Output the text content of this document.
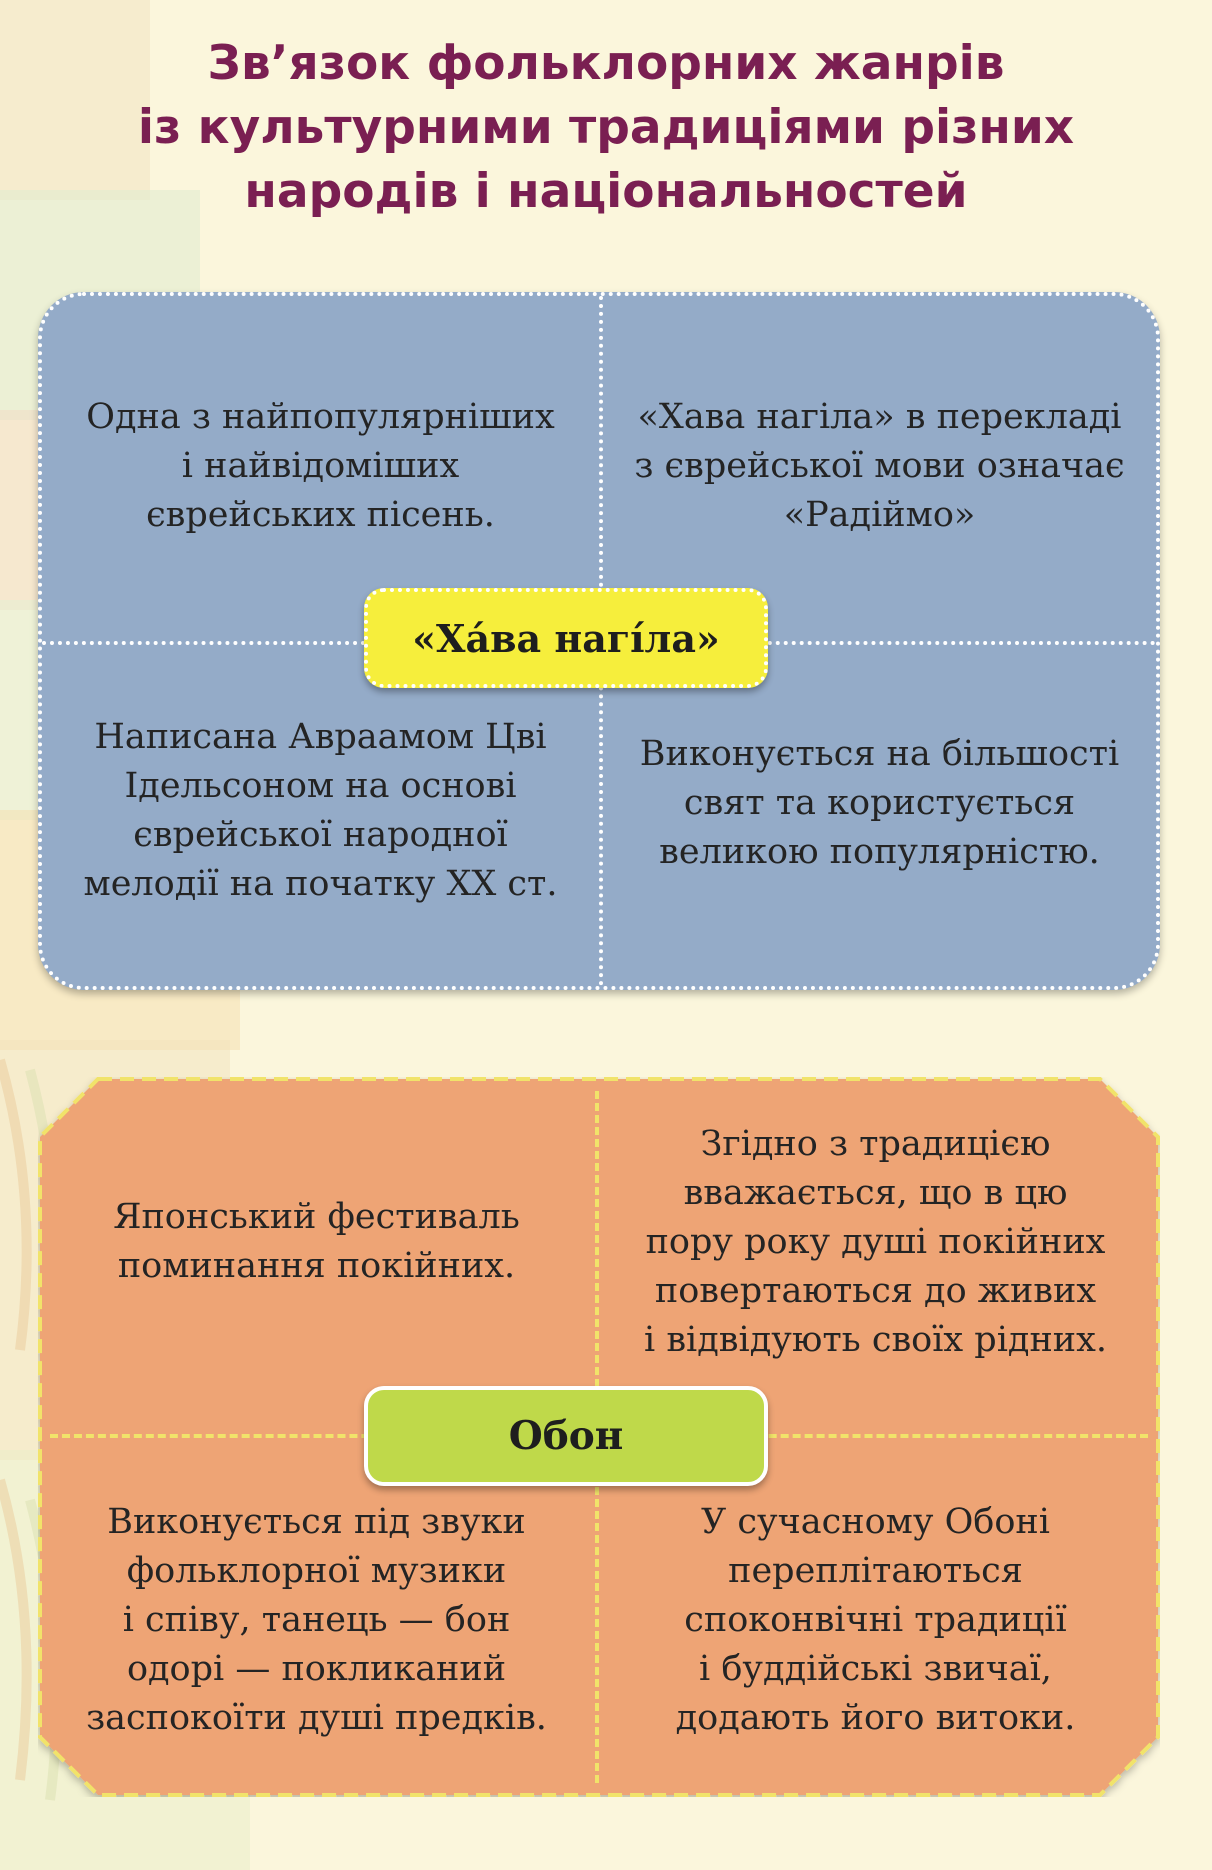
Зв’язок фольклорних жанрів
із культурними традиціями різних
народів і національностей
Одна з найпопулярніших
і найвідоміших
єврейських пісень.
«Хава нагіла» в перекладі
з єврейської мови означає
«Радіймо»
Написана Авраамом Цві
Ідельсоном на основі
єврейської народної
мелодії на початку XX ст.
Виконується на більшості
свят та користується
великою популярністю.
«Хáва нагíла»
Японський фестиваль
поминання покійних.
Згідно з традицією
вважається, що в цю
пору року душі покійних
повертаються до живих
і відвідують своїх рідних.
Виконується під звуки
фольклорної музики
і співу, танець — бон
одорі — покликаний
заспокоїти душі предків.
У сучасному Обоні
переплітаються
споконвічні традиції
і буддійські звичаї,
додають його витоки.
Обон
